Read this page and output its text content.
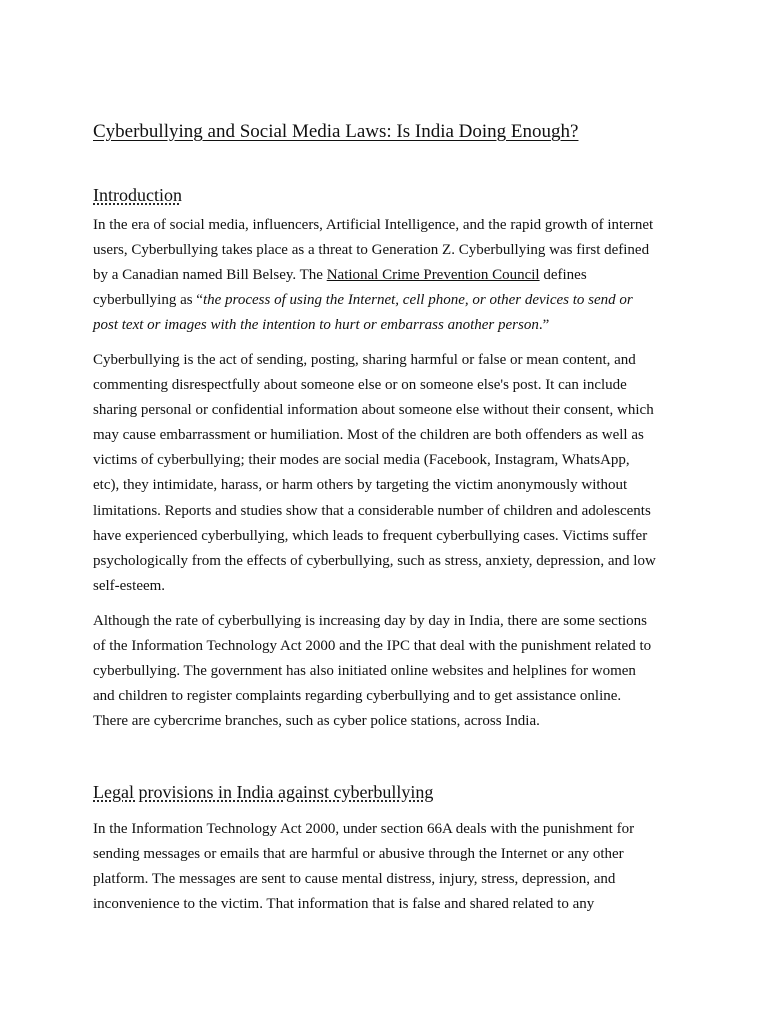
Cyberbullying and Social Media Laws: Is India Doing Enough?
Introduction

In the era of social media, influencers, Artificial Intelligence, and the rapid growth of internet
users, Cyberbullying takes place as a threat to Generation Z. Cyberbullying was first defined
by a Canadian named Bill Belsey. The National Crime Prevention Council defines
cyberbullying as “the process of using the Internet, cell phone, or other devices to send or
post text or images with the intention to hurt or embarrass another person.”

Cyberbullying is the act of sending, posting, sharing harmful or false or mean content, and
commenting disrespectfully about someone else or on someone else's post. It can include
sharing personal or confidential information about someone else without their consent, which
may cause embarrassment or humiliation. Most of the children are both offenders as well as
victims of cyberbullying; their modes are social media (Facebook, Instagram, WhatsApp,
etc), they intimidate, harass, or harm others by targeting the victim anonymously without
limitations. Reports and studies show that a considerable number of children and adolescents
have experienced cyberbullying, which leads to frequent cyberbullying cases. Victims suffer
psychologically from the effects of cyberbullying, such as stress, anxiety, depression, and low
self-esteem.

Although the rate of cyberbullying is increasing day by day in India, there are some sections
of the Information Technology Act 2000 and the IPC that deal with the punishment related to
cyberbullying. The government has also initiated online websites and helplines for women
and children to register complaints regarding cyberbullying and to get assistance online.
There are cybercrime branches, such as cyber police stations, across India.

Legal provisions in India against cyberbullying

In the Information Technology Act 2000, under section 66A deals with the punishment for
sending messages or emails that are harmful or abusive through the Internet or any other
platform. The messages are sent to cause mental distress, injury, stress, depression, and
inconvenience to the victim. That information that is false and shared related to any
